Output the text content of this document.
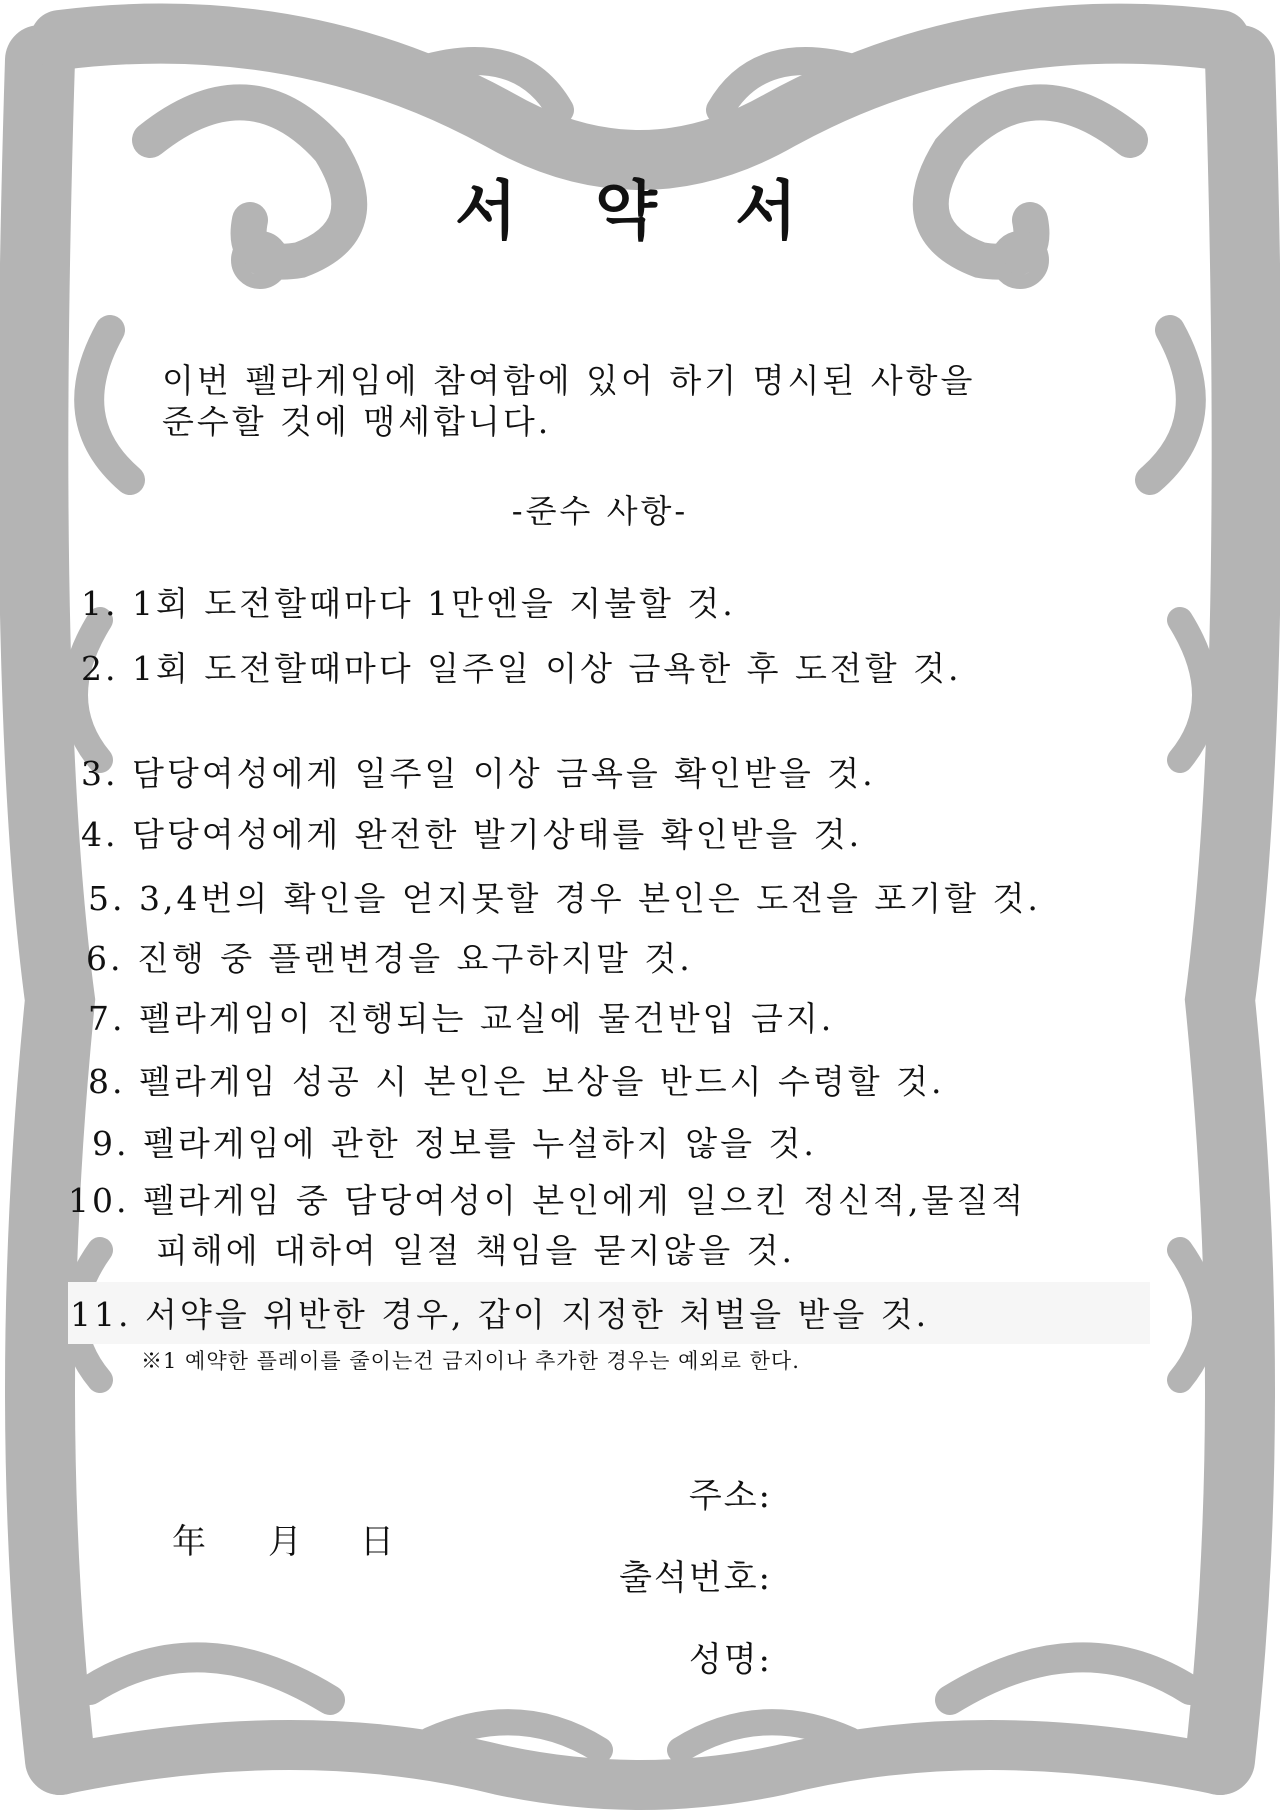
서 약 서
이번 펠라게임에 참여함에 있어 하기 명시된 사항을
준수할 것에 맹세합니다.
-준수 사항-
1. 1회 도전할때마다 1만엔을 지불할 것.
2. 1회 도전할때마다 일주일 이상 금욕한 후 도전할 것.
3. 담당여성에게 일주일 이상 금욕을 확인받을 것.
4. 담당여성에게 완전한 발기상태를 확인받을 것.
5. 3,4번의 확인을 얻지못할 경우 본인은 도전을 포기할 것.
6. 진행 중 플랜변경을 요구하지말 것.
7. 펠라게임이 진행되는 교실에 물건반입 금지.
8. 펠라게임 성공 시 본인은 보상을 반드시 수령할 것.
9. 펠라게임에 관한 정보를 누설하지 않을 것.
10. 펠라게임 중 담당여성이 본인에게 일으킨 정신적,물질적
피해에 대하여 일절 책임을 묻지않을 것.
11. 서약을 위반한 경우, 갑이 지정한 처벌을 받을 것.
※1 예약한 플레이를 줄이는건 금지이나 추가한 경우는 예외로 한다.
年 月 日
주소:
출석번호:
성명:
